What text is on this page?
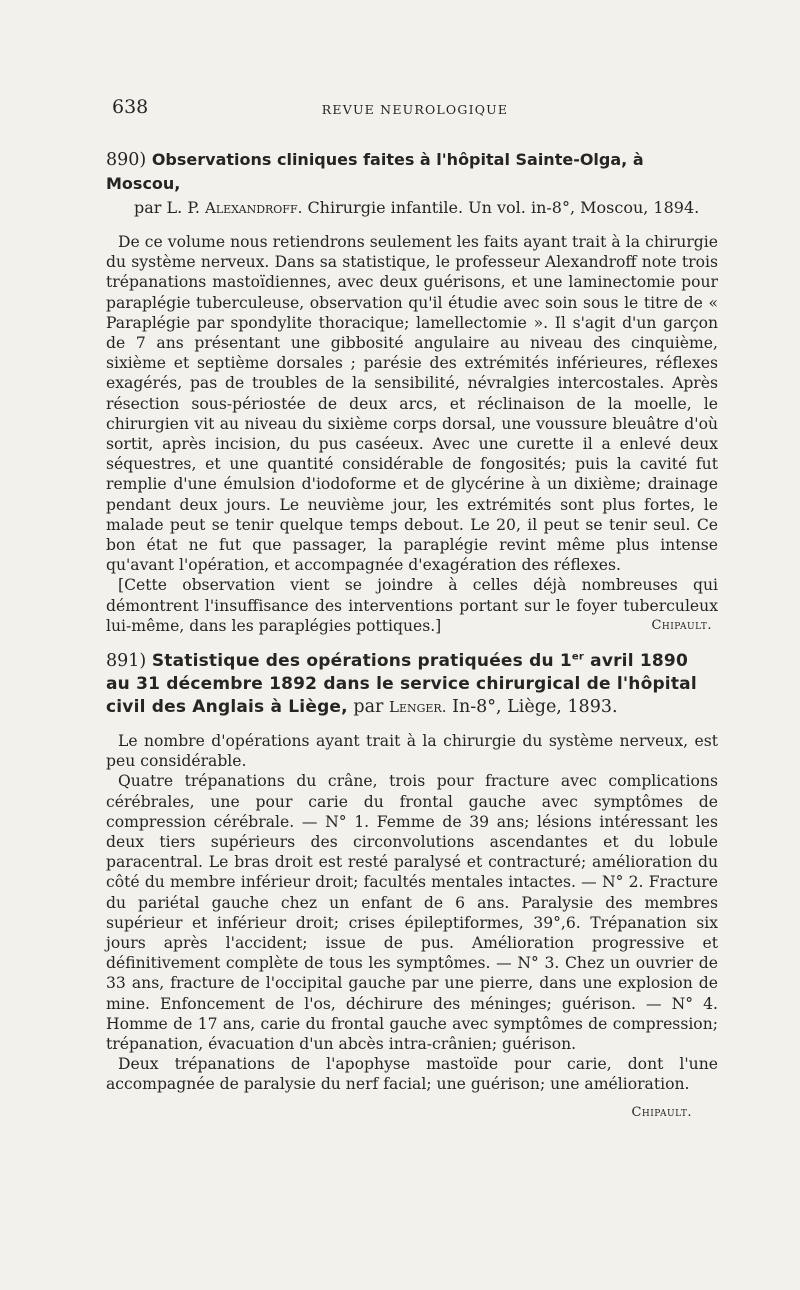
638	REVUE NEUROLOGIQUE
890) Observations cliniques faites à l'hôpital Sainte-Olga, à Moscou,
par L. P. Alexandroff. Chirurgie infantile. Un vol. in-8°, Moscou, 1894.

De ce volume nous retiendrons seulement les faits ayant trait à la chirurgie du système nerveux. Dans sa statistique, le professeur Alexandroff note trois trépanations mastoïdiennes, avec deux guérisons, et une laminectomie pour paraplégie tuberculeuse, observation qu'il étudie avec soin sous le titre de « Paraplégie par spondylite thoracique; lamellectomie ». Il s'agit d'un garçon de 7 ans présentant une gibbosité angulaire au niveau des cinquième, sixième et septième dorsales ; parésie des extrémités inférieures, réflexes exagérés, pas de troubles de la sensibilité, névralgies intercostales. Après résection sous-périostée de deux arcs, et réclinaison de la moelle, le chirurgien vit au niveau du sixième corps dorsal, une voussure bleuâtre d'où sortit, après incision, du pus caséeux. Avec une curette il a enlevé deux séquestres, et une quantité considérable de fongosités; puis la cavité fut remplie d'une émulsion d'iodoforme et de glycérine à un dixième; drainage pendant deux jours. Le neuvième jour, les extrémités sont plus fortes, le malade peut se tenir quelque temps debout. Le 20, il peut se tenir seul. Ce bon état ne fut que passager, la paraplégie revint même plus intense qu'avant l'opération, et accompagnée d'exagération des réflexes.

[Cette observation vient se joindre à celles déjà nombreuses qui démontrent l'insuffisance des interventions portant sur le foyer tuberculeux lui-même, dans les paraplégies pottiques.]	Chipault.

891) Statistique des opérations pratiquées du 1er avril 1890 au 31 décembre 1892 dans le service chirurgical de l'hôpital civil des Anglais à Liège, par Lenger. In-8°, Liège, 1893.

Le nombre d'opérations ayant trait à la chirurgie du système nerveux, est peu considérable.

Quatre trépanations du crâne, trois pour fracture avec complications cérébrales, une pour carie du frontal gauche avec symptômes de compression cérébrale. — N° 1. Femme de 39 ans; lésions intéressant les deux tiers supérieurs des circonvolutions ascendantes et du lobule paracentral. Le bras droit est resté paralysé et contracturé; amélioration du côté du membre inférieur droit; facultés mentales intactes. — N° 2. Fracture du pariétal gauche chez un enfant de 6 ans. Paralysie des membres supérieur et inférieur droit; crises épileptiformes, 39°,6. Trépanation six jours après l'accident; issue de pus. Amélioration progressive et définitivement complète de tous les symptômes. — N° 3. Chez un ouvrier de 33 ans, fracture de l'occipital gauche par une pierre, dans une explosion de mine. Enfoncement de l'os, déchirure des méninges; guérison. — N° 4. Homme de 17 ans, carie du frontal gauche avec symptômes de compression; trépanation, évacuation d'un abcès intra-crânien; guérison.

Deux trépanations de l'apophyse mastoïde pour carie, dont l'une accompagnée de paralysie du nerf facial; une guérison; une amélioration.

Chipault.
